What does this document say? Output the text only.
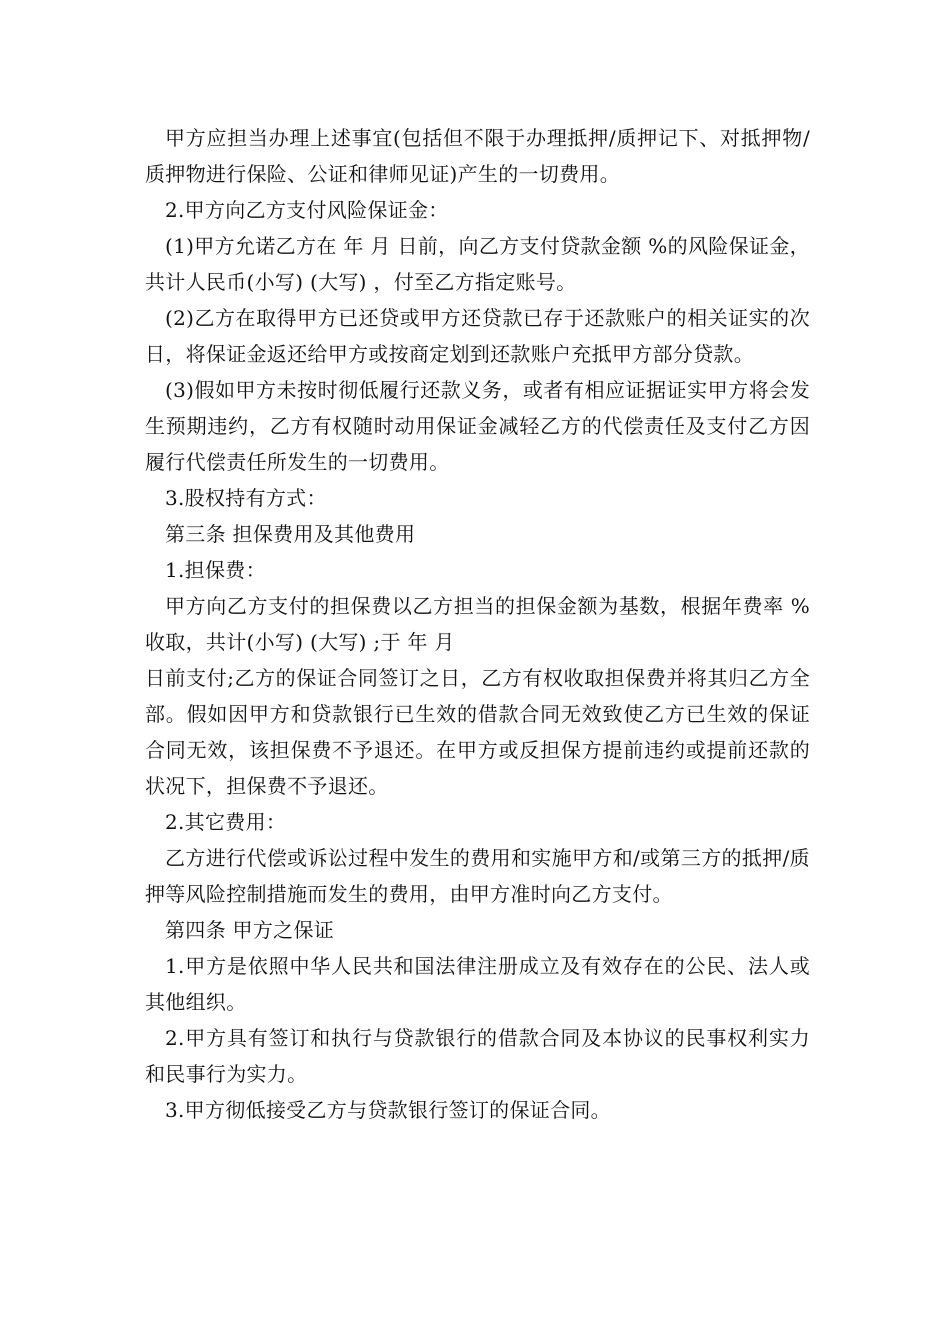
甲方应担当办理上述事宜(包括但不限于办理抵押/质押记下、对抵押物/质押物进行保险、公证和律师见证)产生的一切费用。

2.甲方向乙方支付风险保证金：

(1)甲方允诺乙方在 年 月 日前，向乙方支付贷款金额 %的风险保证金，共计人民币(小写) (大写) ，付至乙方指定账号。

(2)乙方在取得甲方已还贷或甲方还贷款已存于还款账户的相关证实的次日，将保证金返还给甲方或按商定划到还款账户充抵甲方部分贷款。

(3)假如甲方未按时彻低履行还款义务，或者有相应证据证实甲方将会发生预期违约，乙方有权随时动用保证金减轻乙方的代偿责任及支付乙方因履行代偿责任所发生的一切费用。

3.股权持有方式：

第三条 担保费用及其他费用

1.担保费：

甲方向乙方支付的担保费以乙方担当的担保金额为基数，根据年费率 %收取，共计(小写) (大写) ;于 年 月

日前支付;乙方的保证合同签订之日，乙方有权收取担保费并将其归乙方全部。假如因甲方和贷款银行已生效的借款合同无效致使乙方已生效的保证合同无效，该担保费不予退还。在甲方或反担保方提前违约或提前还款的状况下，担保费不予退还。

2.其它费用：

乙方进行代偿或诉讼过程中发生的费用和实施甲方和/或第三方的抵押/质押等风险控制措施而发生的费用，由甲方准时向乙方支付。

第四条 甲方之保证

1.甲方是依照中华人民共和国法律注册成立及有效存在的公民、法人或其他组织。

2.甲方具有签订和执行与贷款银行的借款合同及本协议的民事权利实力和民事行为实力。

3.甲方彻低接受乙方与贷款银行签订的保证合同。
